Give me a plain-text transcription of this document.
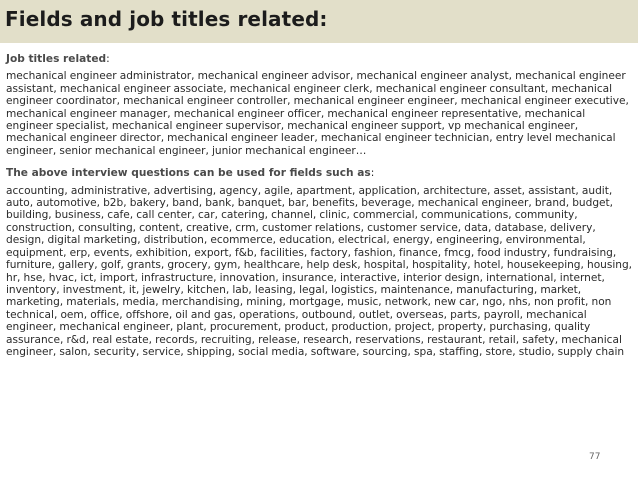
Fields and job titles related:

Job titles related:

mechanical engineer administrator, mechanical engineer advisor, mechanical engineer analyst, mechanical engineer assistant, mechanical engineer associate, mechanical engineer clerk, mechanical engineer consultant, mechanical engineer coordinator, mechanical engineer controller, mechanical engineer engineer, mechanical engineer executive, mechanical engineer manager, mechanical engineer officer, mechanical engineer representative, mechanical engineer specialist, mechanical engineer supervisor, mechanical engineer support, vp mechanical engineer, mechanical engineer director, mechanical engineer leader, mechanical engineer technician, entry level mechanical engineer, senior mechanical engineer, junior mechanical engineer…

The above interview questions can be used for fields such as:

accounting, administrative, advertising, agency, agile, apartment, application, architecture, asset, assistant, audit, auto, automotive, b2b, bakery, band, bank, banquet, bar, benefits, beverage, mechanical engineer, brand, budget, building, business, cafe, call center, car, catering, channel, clinic, commercial, communications, community, construction, consulting, content, creative, crm, customer relations, customer service, data, database, delivery, design, digital marketing, distribution, ecommerce, education, electrical, energy, engineering, environmental, equipment, erp, events, exhibition, export, f&b, facilities, factory, fashion, finance, fmcg, food industry, fundraising, furniture, gallery, golf, grants, grocery, gym, healthcare, help desk, hospital, hospitality, hotel, housekeeping, housing, hr, hse, hvac, ict, import, infrastructure, innovation, insurance, interactive, interior design, international, internet, inventory, investment, it, jewelry, kitchen, lab, leasing, legal, logistics, maintenance, manufacturing, market, marketing, materials, media, merchandising, mining, mortgage, music, network, new car, ngo, nhs, non profit, non technical, oem, office, offshore, oil and gas, operations, outbound, outlet, overseas, parts, payroll, mechanical engineer, mechanical engineer, plant, procurement, product, production, project, property, purchasing, quality assurance, r&d, real estate, records, recruiting, release, research, reservations, restaurant, retail, safety, mechanical engineer, salon, security, service, shipping, social media, software, sourcing, spa, staffing, store, studio, supply chain

77
